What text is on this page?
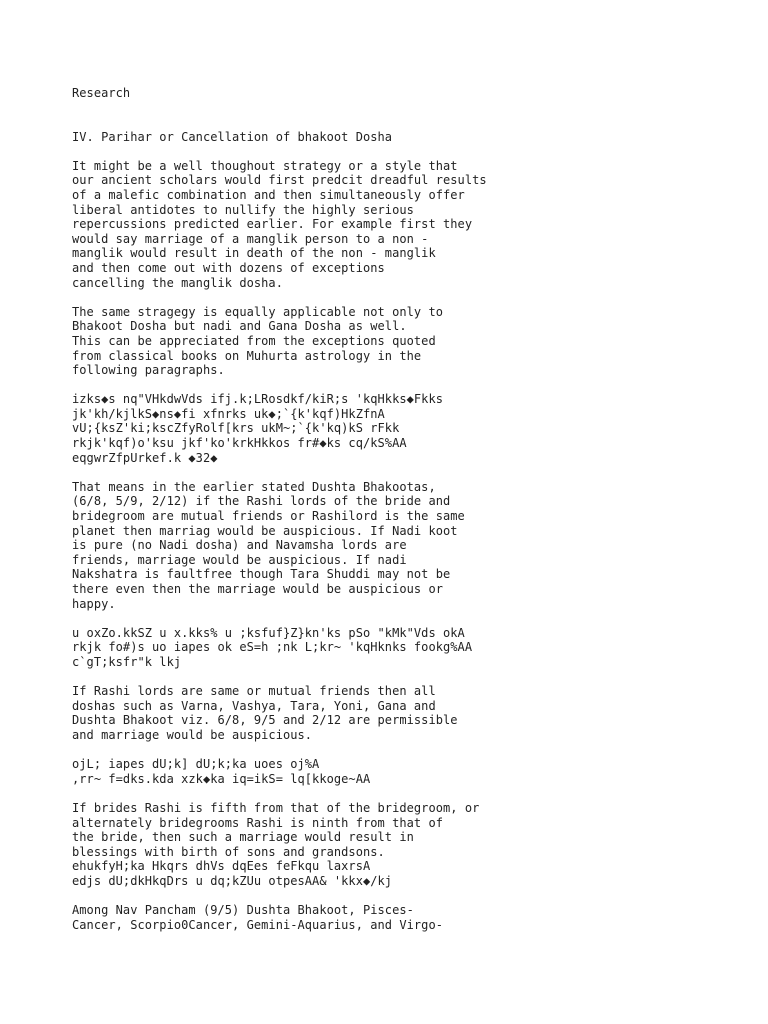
Research
IV. Parihar or Cancellation of bhakoot Dosha
It might be a well thoughout strategy or a style that
our ancient scholars would first predcit dreadful results
of a malefic combination and then simultaneously offer
liberal antidotes to nullify the highly serious
repercussions predicted earlier. For example first they
would say marriage of a manglik person to a non -
manglik would result in death of the non - manglik
and then come out with dozens of exceptions
cancelling the manglik dosha.
The same stragegy is equally applicable not only to
Bhakoot Dosha but nadi and Gana Dosha as well.
This can be appreciated from the exceptions quoted
from classical books on Muhurta astrology in the
following paragraphs.
izks◆s nq"VHkdwVds ifj.k;LRosdkf/kiR;s 'kqHkks◆Fkks
jk'kh/kjlkS◆ns◆fi xfnrks uk◆;`{k'kqf)HkZfnA
vU;{ksZ'ki;kscZfyRolf[krs ukM~;`{k'kq)kS rFkk
rkjk'kqf)o'ksu jkf'ko'krkHkkos fr#◆ks cq/kS%AA
eqgwrZfpUrkef.k ◆32◆
That means in the earlier stated Dushta Bhakootas,
(6/8, 5/9, 2/12) if the Rashi lords of the bride and
bridegroom are mutual friends or Rashilord is the same
planet then marriag would be auspicious. If Nadi koot
is pure (no Nadi dosha) and Navamsha lords are
friends, marriage would be auspicious. If nadi
Nakshatra is faultfree though Tara Shuddi may not be
there even then the marriage would be auspicious or
happy.
u oxZo.kkSZ u x.kks% u ;ksfuf}Z}kn'ks pSo "kMk"Vds okA
rkjk fo#)s uo iapes ok eS=h ;nk L;kr~ 'kqHknks fookg%AA
c`gT;ksfr"k lkj
If Rashi lords are same or mutual friends then all
doshas such as Varna, Vashya, Tara, Yoni, Gana and
Dushta Bhakoot viz. 6/8, 9/5 and 2/12 are permissible
and marriage would be auspicious.
ojL; iapes dU;k] dU;k;ka uoes oj%A
,rr~ f=dks.kda xzk◆ka iq=ikS= lq[kkoge~AA
If brides Rashi is fifth from that of the bridegroom, or
alternately bridegrooms Rashi is ninth from that of
the bride, then such a marriage would result in
blessings with birth of sons and grandsons.
ehukfyH;ka Hkqrs dhVs dqEes feFkqu laxrsA
edjs dU;dkHkqDrs u dq;kZUu otpesAA& 'kkx◆/kj
Among Nav Pancham (9/5) Dushta Bhakoot, Pisces-
Cancer, Scorpio0Cancer, Gemini-Aquarius, and Virgo-
